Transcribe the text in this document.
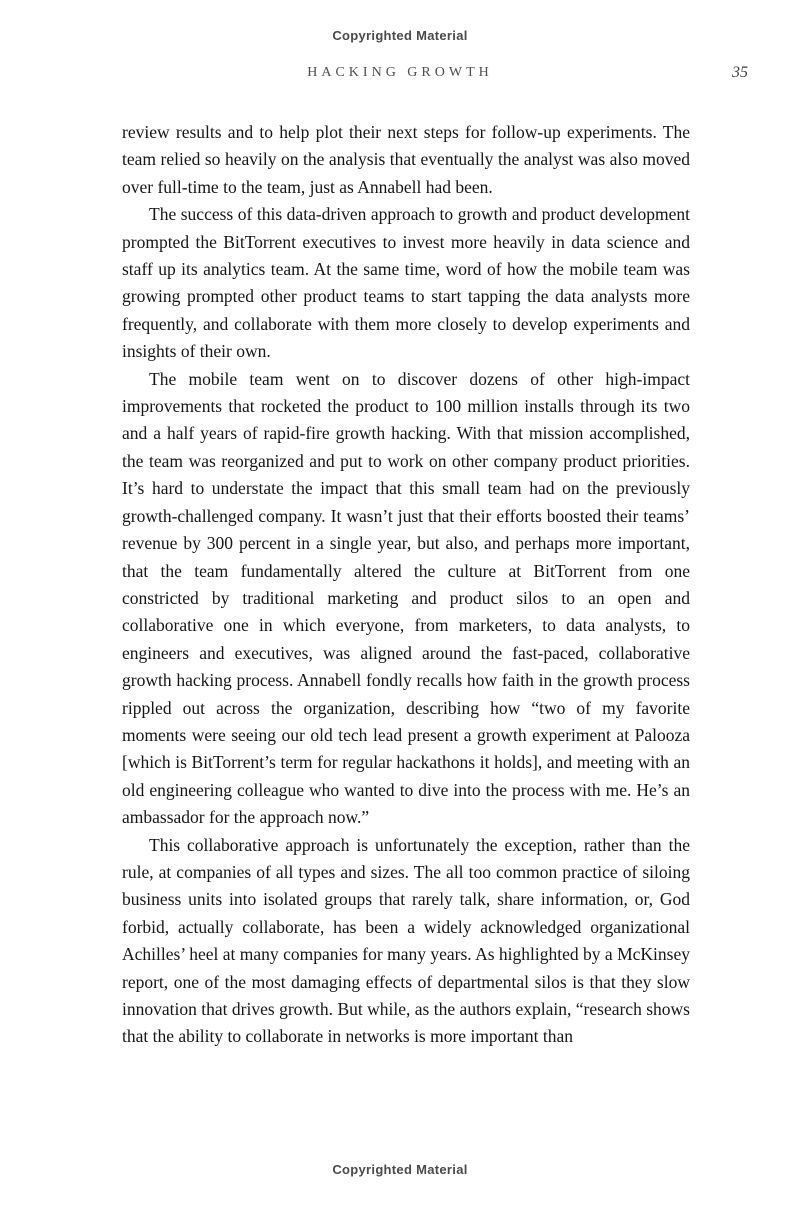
Copyrighted Material
HACKING GROWTH	35

review results and to help plot their next steps for follow-up experiments. The team relied so heavily on the analysis that eventually the analyst was also moved over full-time to the team, just as Annabell had been.

The success of this data-driven approach to growth and product development prompted the BitTorrent executives to invest more heavily in data science and staff up its analytics team. At the same time, word of how the mobile team was growing prompted other product teams to start tapping the data analysts more frequently, and collaborate with them more closely to develop experiments and insights of their own.

The mobile team went on to discover dozens of other high-impact improvements that rocketed the product to 100 million installs through its two and a half years of rapid-fire growth hacking. With that mission accomplished, the team was reorganized and put to work on other company product priorities. It’s hard to understate the impact that this small team had on the previously growth-challenged company. It wasn’t just that their efforts boosted their teams’ revenue by 300 percent in a single year, but also, and perhaps more important, that the team fundamentally altered the culture at BitTorrent from one constricted by traditional marketing and product silos to an open and collaborative one in which everyone, from marketers, to data analysts, to engineers and executives, was aligned around the fast-paced, collaborative growth hacking process. Annabell fondly recalls how faith in the growth process rippled out across the organization, describing how “two of my favorite moments were seeing our old tech lead present a growth experiment at Palooza [which is BitTorrent’s term for regular hackathons it holds], and meeting with an old engineering colleague who wanted to dive into the process with me. He’s an ambassador for the approach now.”

This collaborative approach is unfortunately the exception, rather than the rule, at companies of all types and sizes. The all too common practice of siloing business units into isolated groups that rarely talk, share information, or, God forbid, actually collaborate, has been a widely acknowledged organizational Achilles’ heel at many companies for many years. As highlighted by a McKinsey report, one of the most damaging effects of departmental silos is that they slow innovation that drives growth. But while, as the authors explain, “research shows that the ability to collaborate in networks is more important than

Copyrighted Material
